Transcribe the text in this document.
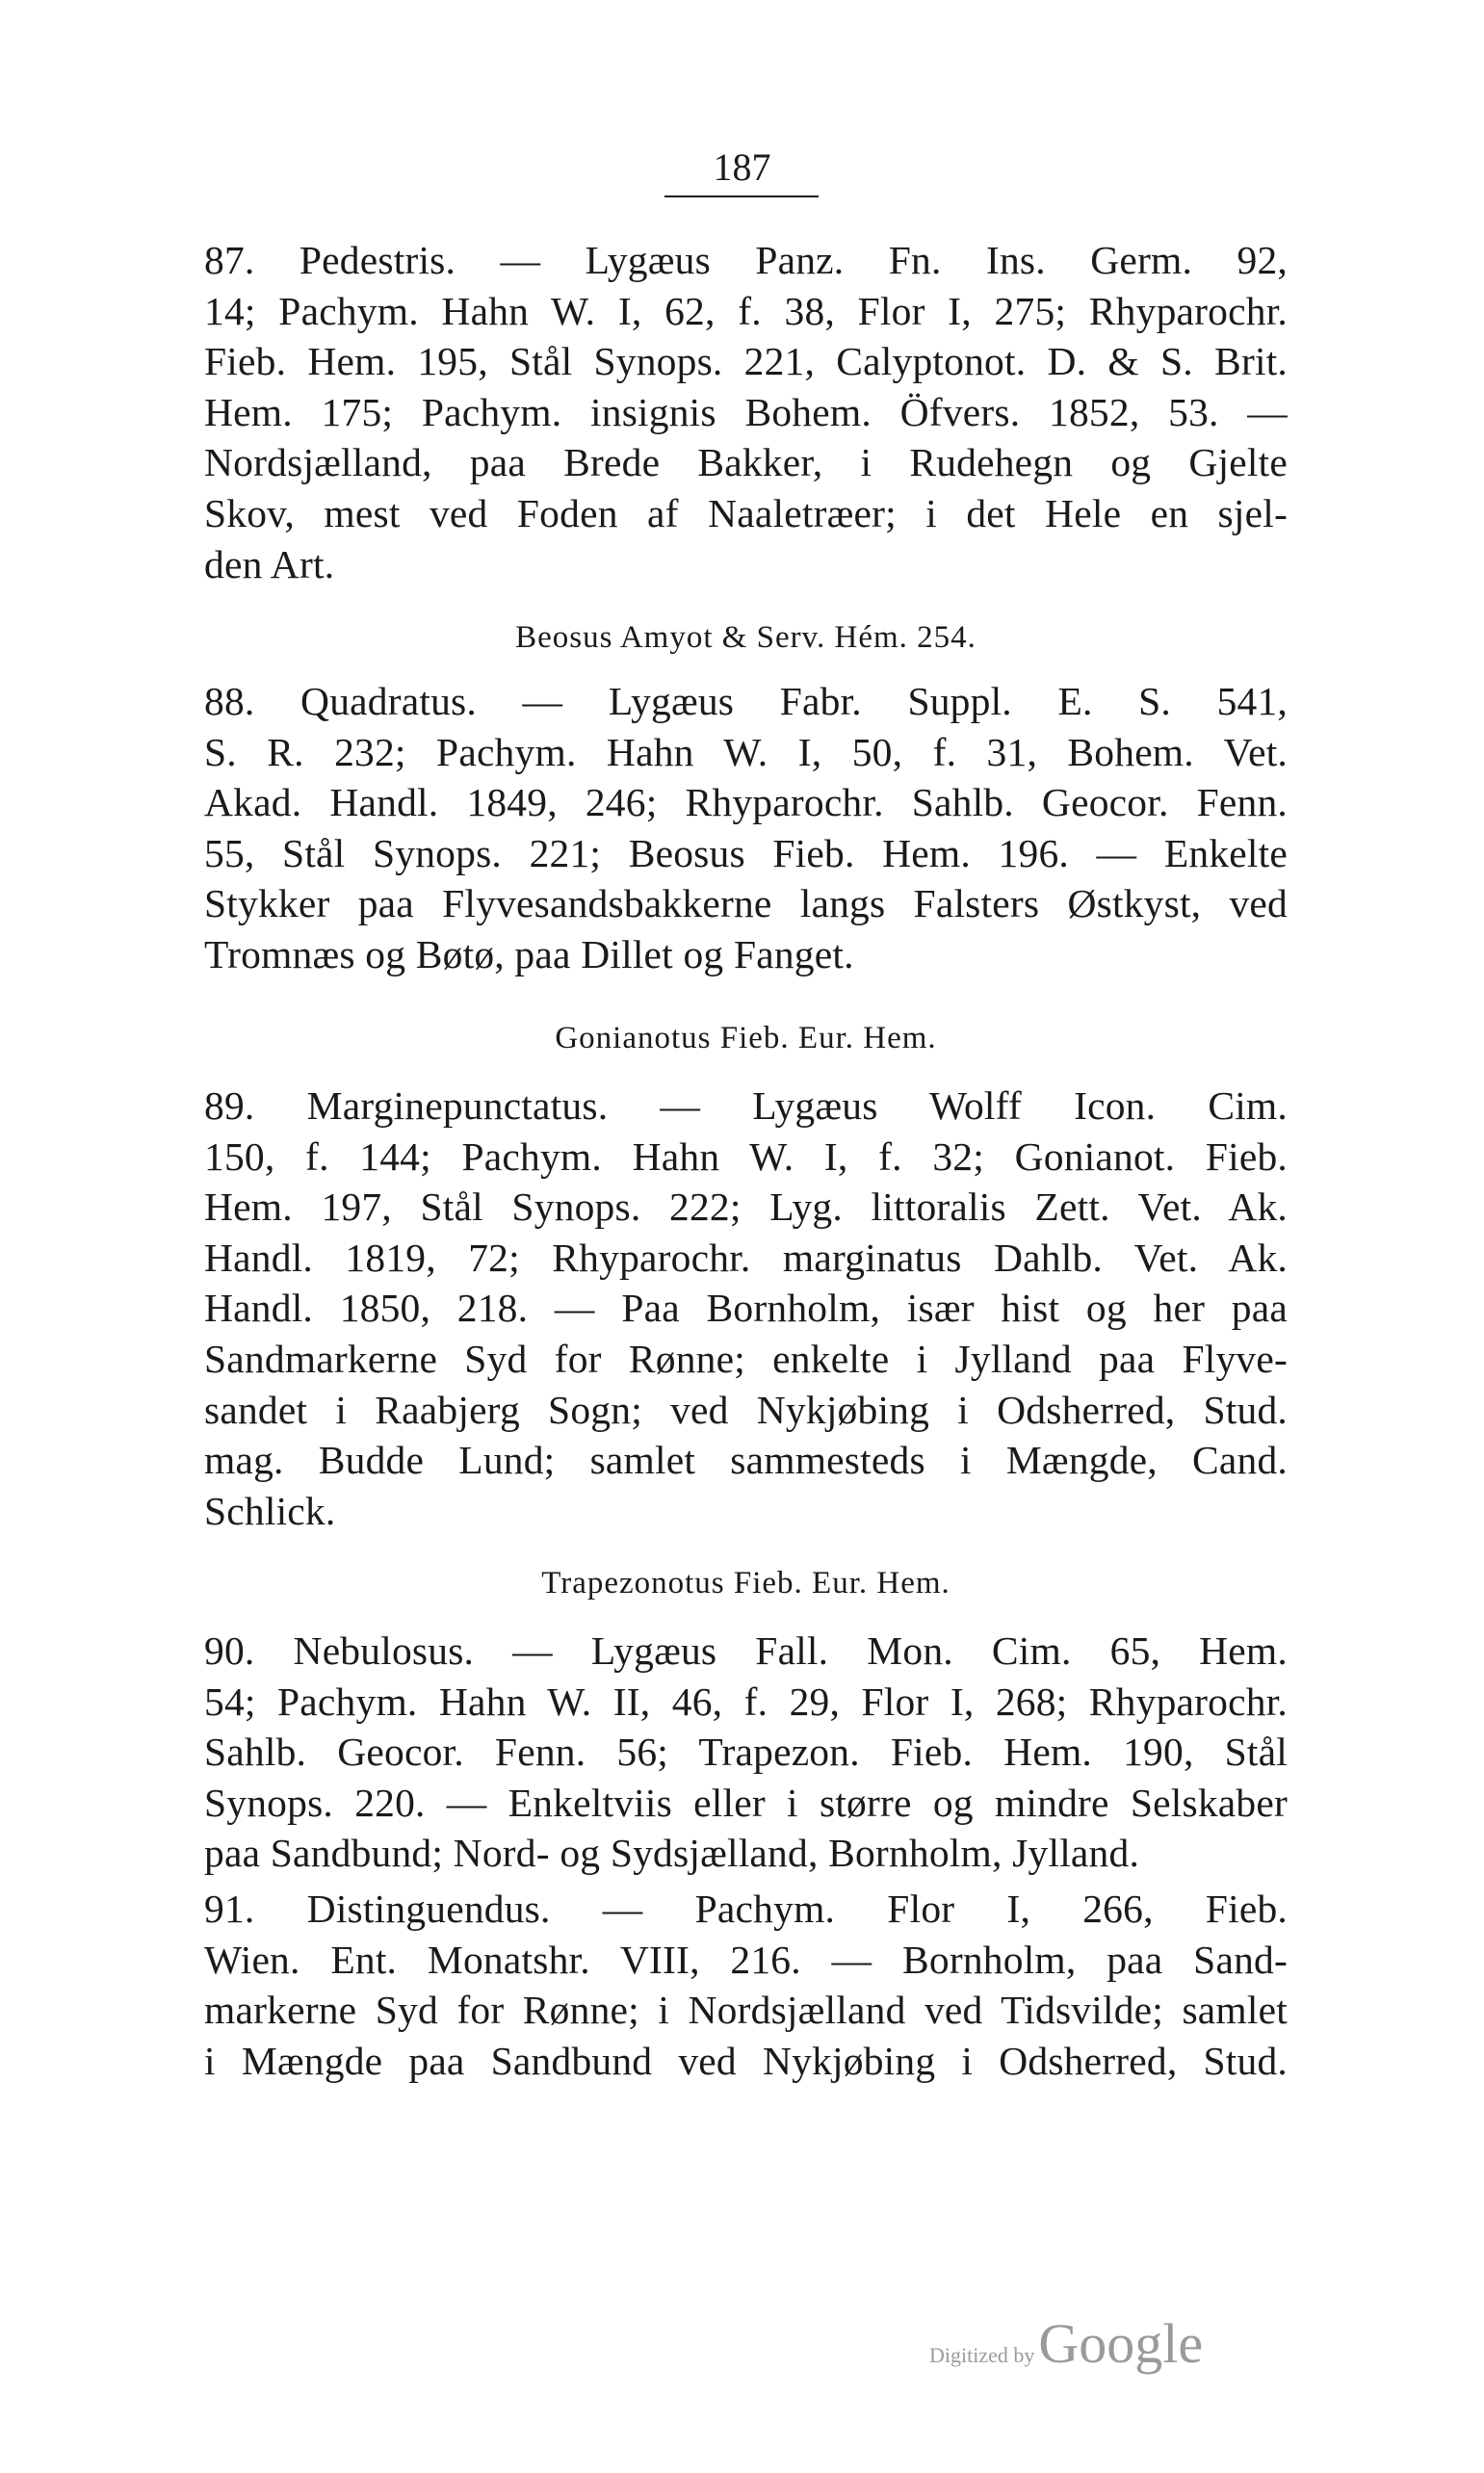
187
87. Pedestris. — Lygæus Panz. Fn. Ins. Germ. 92,
14; Pachym. Hahn W. I, 62, f. 38, Flor I, 275; Rhyparochr.
Fieb. Hem. 195, Stål Synops. 221, Calyptonot. D. & S. Brit.
Hem. 175; Pachym. insignis Bohem. Öfvers. 1852, 53. —
Nordsjælland, paa Brede Bakker, i Rudehegn og Gjelte
Skov, mest ved Foden af Naaletræer; i det Hele en sjel-
den Art.
Beosus Amyot & Serv. Hém. 254.
88. Quadratus. — Lygæus Fabr. Suppl. E. S. 541,
S. R. 232; Pachym. Hahn W. I, 50, f. 31, Bohem. Vet.
Akad. Handl. 1849, 246; Rhyparochr. Sahlb. Geocor. Fenn.
55, Stål Synops. 221; Beosus Fieb. Hem. 196. — Enkelte
Stykker paa Flyvesandsbakkerne langs Falsters Østkyst, ved
Tromnæs og Bøtø, paa Dillet og Fanget.
Gonianotus Fieb. Eur. Hem.
89. Marginepunctatus. — Lygæus Wolff Icon. Cim.
150, f. 144; Pachym. Hahn W. I, f. 32; Gonianot. Fieb.
Hem. 197, Stål Synops. 222; Lyg. littoralis Zett. Vet. Ak.
Handl. 1819, 72; Rhyparochr. marginatus Dahlb. Vet. Ak.
Handl. 1850, 218. — Paa Bornholm, især hist og her paa
Sandmarkerne Syd for Rønne; enkelte i Jylland paa Flyve-
sandet i Raabjerg Sogn; ved Nykjøbing i Odsherred, Stud.
mag. Budde Lund; samlet sammesteds i Mængde, Cand.
Schlick.
Trapezonotus Fieb. Eur. Hem.
90. Nebulosus. — Lygæus Fall. Mon. Cim. 65, Hem.
54; Pachym. Hahn W. II, 46, f. 29, Flor I, 268; Rhyparochr.
Sahlb. Geocor. Fenn. 56; Trapezon. Fieb. Hem. 190, Stål
Synops. 220. — Enkeltviis eller i større og mindre Selskaber
paa Sandbund; Nord- og Sydsjælland, Bornholm, Jylland.
91. Distinguendus. — Pachym. Flor I, 266, Fieb.
Wien. Ent. Monatshr. VIII, 216. — Bornholm, paa Sand-
markerne Syd for Rønne; i Nordsjælland ved Tidsvilde; samlet
i Mængde paa Sandbund ved Nykjøbing i Odsherred, Stud.
Digitized by Google
